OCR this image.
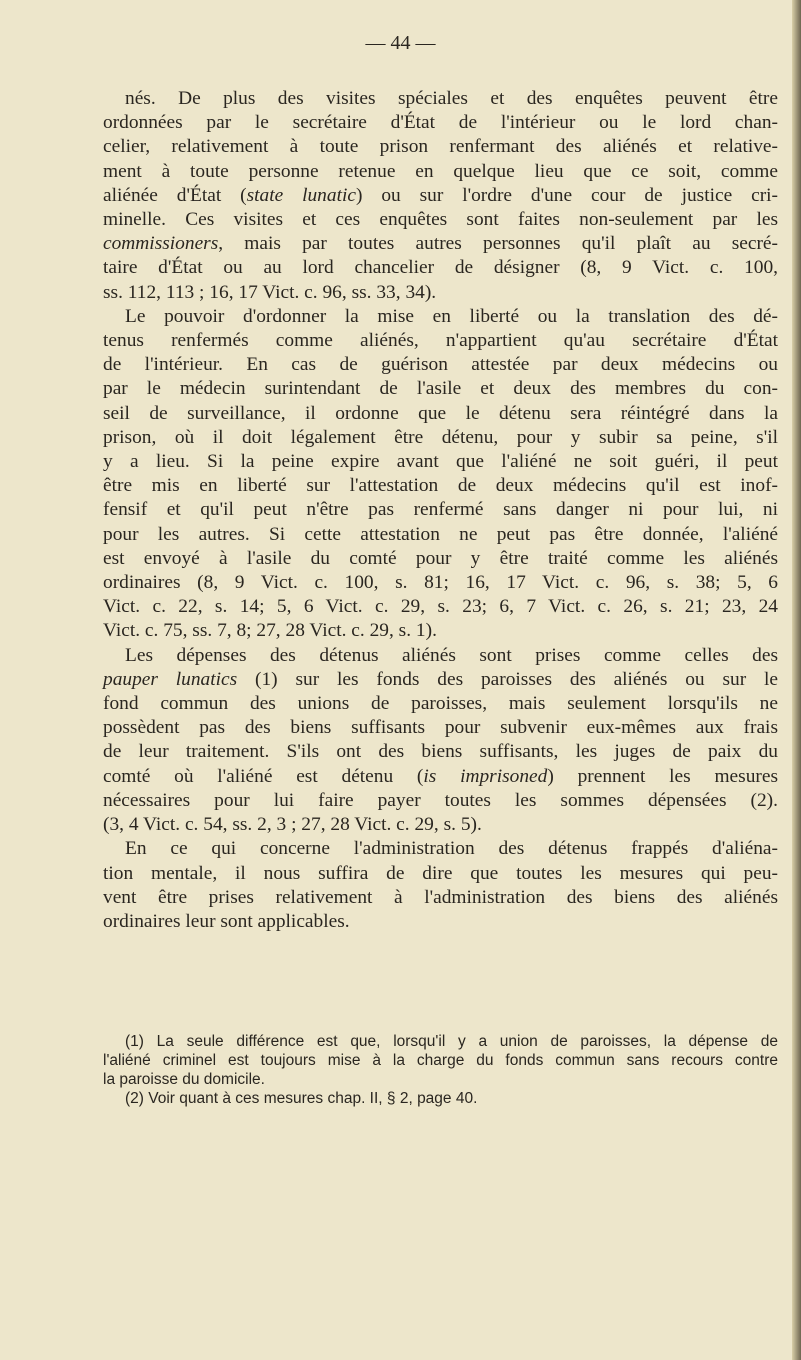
— 44 —
nés. De plus des visites spéciales et des enquêtes peuvent être
ordonnées par le secrétaire d'État de l'intérieur ou le lord chan-
celier, relativement à toute prison renfermant des aliénés et relative-
ment à toute personne retenue en quelque lieu que ce soit, comme
aliénée d'État (state lunatic) ou sur l'ordre d'une cour de justice cri-
minelle. Ces visites et ces enquêtes sont faites non-seulement par les
commissioners, mais par toutes autres personnes qu'il plaît au secré-
taire d'État ou au lord chancelier de désigner (8, 9 Vict. c. 100,
ss. 112, 113 ; 16, 17 Vict. c. 96, ss. 33, 34).
Le pouvoir d'ordonner la mise en liberté ou la translation des dé-
tenus renfermés comme aliénés, n'appartient qu'au secrétaire d'État
de l'intérieur. En cas de guérison attestée par deux médecins ou
par le médecin surintendant de l'asile et deux des membres du con-
seil de surveillance, il ordonne que le détenu sera réintégré dans la
prison, où il doit légalement être détenu, pour y subir sa peine, s'il
y a lieu. Si la peine expire avant que l'aliéné ne soit guéri, il peut
être mis en liberté sur l'attestation de deux médecins qu'il est inof-
fensif et qu'il peut n'être pas renfermé sans danger ni pour lui, ni
pour les autres. Si cette attestation ne peut pas être donnée, l'aliéné
est envoyé à l'asile du comté pour y être traité comme les aliénés
ordinaires (8, 9 Vict. c. 100, s. 81; 16, 17 Vict. c. 96, s. 38; 5, 6
Vict. c. 22, s. 14; 5, 6 Vict. c. 29, s. 23; 6, 7 Vict. c. 26, s. 21; 23, 24
Vict. c. 75, ss. 7, 8; 27, 28 Vict. c. 29, s. 1).
Les dépenses des détenus aliénés sont prises comme celles des
pauper lunatics (1) sur les fonds des paroisses des aliénés ou sur le
fond commun des unions de paroisses, mais seulement lorsqu'ils ne
possèdent pas des biens suffisants pour subvenir eux-mêmes aux frais
de leur traitement. S'ils ont des biens suffisants, les juges de paix du
comté où l'aliéné est détenu (is imprisoned) prennent les mesures
nécessaires pour lui faire payer toutes les sommes dépensées (2).
(3, 4 Vict. c. 54, ss. 2, 3 ; 27, 28 Vict. c. 29, s. 5).
En ce qui concerne l'administration des détenus frappés d'aliéna-
tion mentale, il nous suffira de dire que toutes les mesures qui peu-
vent être prises relativement à l'administration des biens des aliénés
ordinaires leur sont applicables.
(1) La seule différence est que, lorsqu'il y a union de paroisses, la dépense de
l'aliéné criminel est toujours mise à la charge du fonds commun sans recours contre
la paroisse du domicile.
(2) Voir quant à ces mesures chap. II, § 2, page 40.
